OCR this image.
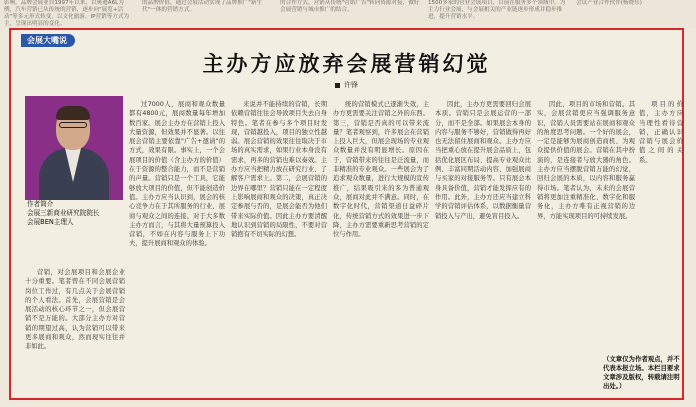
影响。品牌会展业自1997年以来，以奥迪A6L为例，汽车营销已从传统的营销，逐步向"展览+活动"等多元形式转变，以文化旅游、IP营销等方式为主，呈现出明显的变化。
的品牌价值，通过会展活动实现了品牌推广"新生代"一体的营销方式。
的合作方式，营销从传统"营销广告"转向资源对接，做好会展营销与城市推广的结合。
1500多家的营业会展项目，目前在服务多个领域中，为主力行业会展，与会展相关的产业链逐步形成并稳步推进，提升营销水平。
会议产业合作伙伴(杨晓东)
会展大嘴说
主办方应放弃会展营销幻觉
许锋
作者简介
会展三新商业研究院院长
会展BEN主理人

营销，对会展项目和会展企业十分重要。笔者曾在不同会展营销岗位工作过，有几点关于会展营销的个人看法。首先，会展营销是会展活动的核心环节之一，但会展营销不是万能的。大部分主办方对营销的期望过高，认为营销可以带来更多展商和观众，然而现实往往并非如此。

过7000人，展商和观众数量都有4800元，展商数量每年增加数百家。展会主办方在营销上投入大量资源，但效果并不显著。以往展会营销主要依靠"广告+邀请"的方式，效果有限。事实上，一个会展项目的价值（含主办方的价值）在于资源的整合能力，而不是营销的声量。营销只是一个工具，它能够放大项目的价值，但不能创造价值。主办方应当认识到，展会的核心竞争力在于其所服务的行业、展商与观众之间的连接。对于大多数主办方而言，与其将大量预算投入营销，不如在内容与服务上下功夫，提升展商和观众的体验。

来说并不能持续的营销，长期依赖营销往往会导致项目失去自身特色。笔者在参与多个项目时发现，营销越投入，项目的独立性越弱。展会营销的效果往往取决于市场的真实需求，如果行业本身没有需求，再多的营销也难以奏效。主办方应当把精力放在研究行业、了解客户需求上。第二，会展营销的边界在哪里？营销只能在一定程度上影响展商和观众的决策，真正决定参展与否的，是展会能否为他们带来实际价值。因此主办方要清醒地认识到营销的局限性，不要对营销抱有不切实际的幻想。

统的营销模式已逐渐失效，主办方更需要关注营销之外的东西。第三，营销是否真的可以带来流量？笔者观察到，许多展会在营销上投入巨大，但展会现场的专业观众数量并没有明显增长。原因在于，营销带来的往往是泛流量，而非精准的专业观众。一些展会为了追求观众数量，进行大规模的宣传推广，结果吸引来的多为普通观众，展商对此并不满意。同时，在数字化时代，营销渠道日益碎片化，传统营销方式的效果进一步下降，主办方需要重新思考营销的定位与作用。

因此，主办方更需要回归会展本质。营销只是会展运营的一部分，而不是全部。如果展会本身的内容与服务不够好，营销做得再好也无法留住展商和观众。主办方应当把重心放在提升展会品质上，包括优化展区布局、提高专业观众比例、丰富同期活动内容、加强展商与买家的对接服务等。只有展会本身具备价值，营销才能发挥应有的作用。此外，主办方还应当建立科学的营销评估体系，以数据衡量营销投入与产出，避免盲目投入。

因此，项目的市场和营销。其实，会展营销更应当强调服务意识，营销人员需要站在展商和观众的角度思考问题。一个好的展会，一定是能够为展商创造商机、为观众提供价值的展会。营销在其中扮演的，是连接者与放大器的角色。主办方应当摆脱营销万能的幻觉，回归会展的本质，以内容和服务赢得市场。笔者认为，未来的会展营销将更加注重精准化、数字化和服务化，主办方唯有正视营销的边界，方能实现项目的可持续发展。

项目的价值，主办方应当理性看待营销，正确认识营销与展会价值之间的关系。

（文章仅为作者观点，并不代表本报立场。本栏目要求文章涉及版权，转载请注明出处。）
